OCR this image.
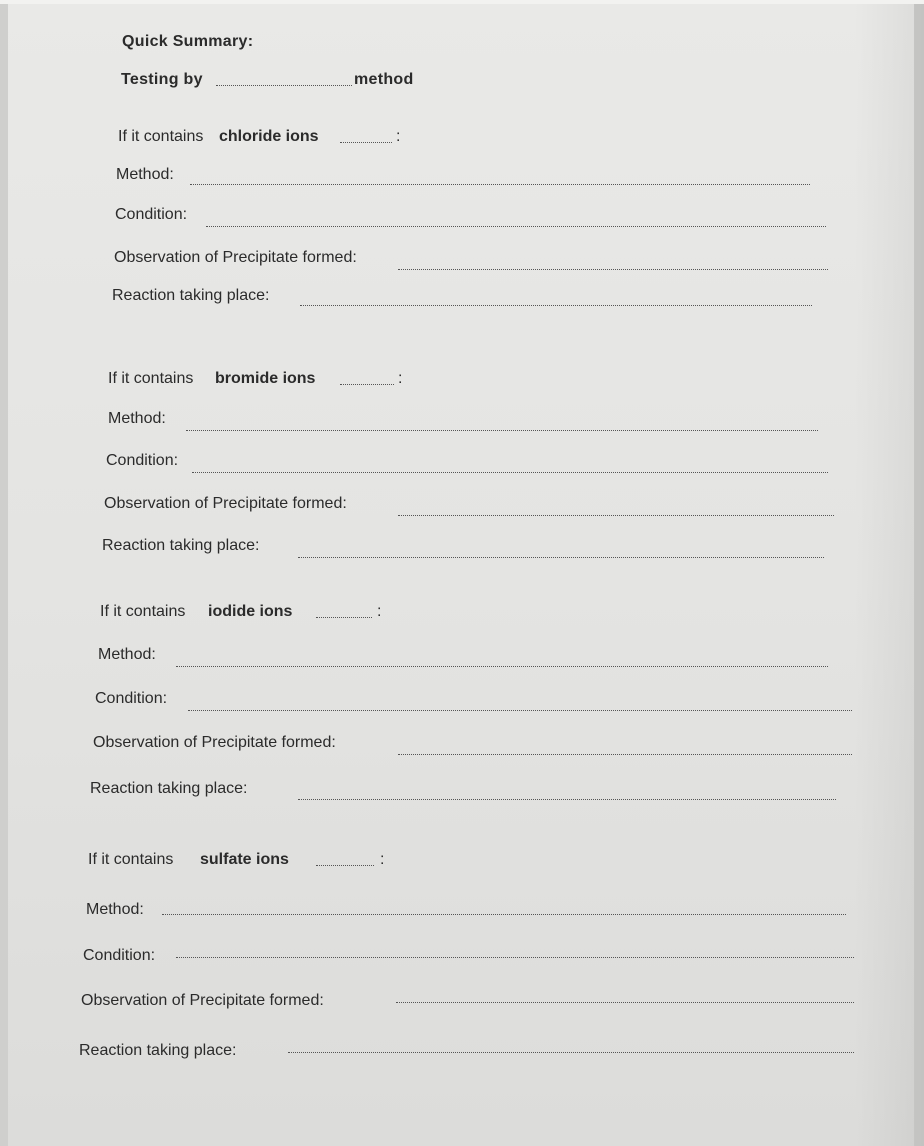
Quick Summary:
Testing by	method
If it contains chloride ions	:
Method:
Condition:
Observation of Precipitate formed:
Reaction taking place:
If it contains bromide ions	:
Method:
Condition:
Observation of Precipitate formed:
Reaction taking place:
If it contains iodide ions	:
Method:
Condition:
Observation of Precipitate formed:
Reaction taking place:
If it contains sulfate ions	:
Method:
Condition:
Observation of Precipitate formed:
Reaction taking place:
